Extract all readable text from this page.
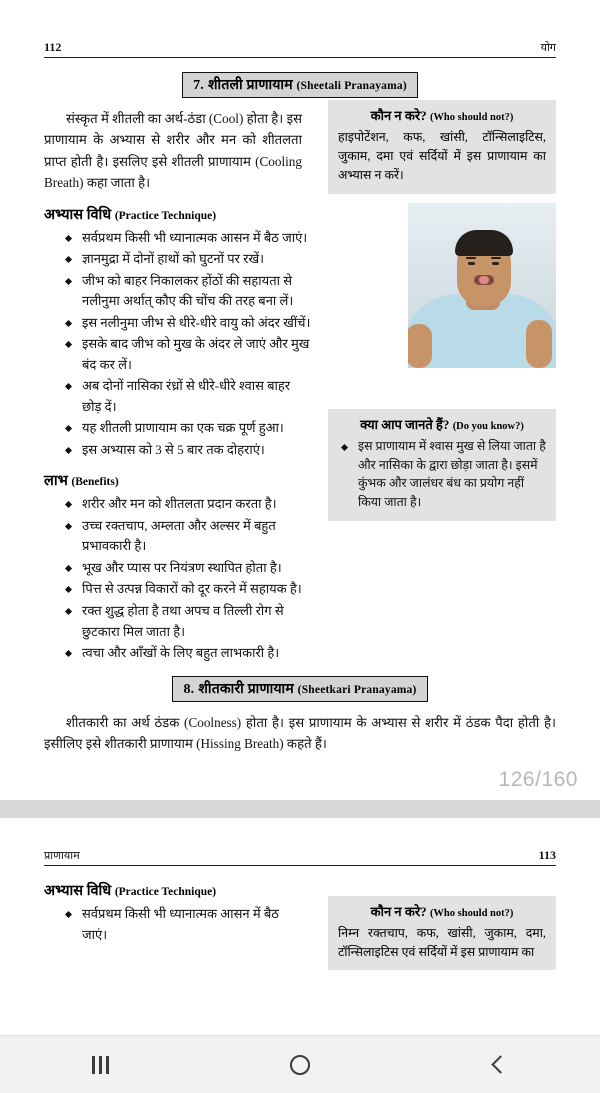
112	योग
7. शीतली प्राणायाम (Sheetali Pranayama)
कौन न करे? (Who should not?)

हाइपोटेंशन, कफ, खांसी, टॉन्सिलाइटिस, जुकाम, दमा एवं सर्दियों में इस प्राणायाम का अभ्यास न करें।

क्या आप जानते हैं? (Do you know?)
इस प्राणायाम में श्वास मुख से लिया जाता है और नासिका के द्वारा छोड़ा जाता है। इसमें कुंभक और जालंधर बंध का प्रयोग नहीं किया जाता है।

संस्कृत में शीतली का अर्थ-ठंडा (Cool) होता है। इस प्राणायाम के अभ्यास से शरीर और मन को शीतलता प्राप्त होती है। इसलिए इसे शीतली प्राणायाम (Cooling Breath) कहा जाता है।

अभ्यास विधि (Practice Technique)
सर्वप्रथम किसी भी ध्यानात्मक आसन में बैठ जाएं।
ज्ञानमुद्रा में दोनों हाथों को घुटनों पर रखें।
जीभ को बाहर निकालकर होंठों की सहायता से नलीनुमा अर्थात् कौए की चोंच की तरह बना लें।
इस नलीनुमा जीभ से धीरे-धीरे वायु को अंदर खींचें।
इसके बाद जीभ को मुख के अंदर ले जाएं और मुख बंद कर लें।
अब दोनों नासिका रंध्रों से धीरे-धीरे श्वास बाहर छोड़ दें।
यह शीतली प्राणायाम का एक चक्र पूर्ण हुआ।
इस अभ्यास को 3 से 5 बार तक दोहराएं।
लाभ (Benefits)
शरीर और मन को शीतलता प्रदान करता है।
उच्च रक्तचाप, अम्लता और अल्सर में बहुत प्रभावकारी है।
भूख और प्यास पर नियंत्रण स्थापित होता है।
पित्त से उत्पन्न विकारों को दूर करने में सहायक है।
रक्त शुद्ध होता है तथा अपच व तिल्ली रोग से छुटकारा मिल जाता है।
त्वचा और आँखों के लिए बहुत लाभकारी है।
8. शीतकारी प्राणायाम (Sheetkari Pranayama)

शीतकारी का अर्थ ठंडक (Coolness) होता है। इस प्राणायाम के अभ्यास से शरीर में ठंडक पैदा होती है। इसीलिए इसे शीतकारी प्राणायाम (Hissing Breath) कहते हैं।

126/160
प्राणायाम	113
कौन न करे? (Who should not?)

निम्न रक्तचाप, कफ, खांसी, जुकाम, दमा, टॉन्सिलाइटिस एवं सर्दियों में इस प्राणायाम का

अभ्यास विधि (Practice Technique)
सर्वप्रथम किसी भी ध्यानात्मक आसन में बैठ जाएं।
